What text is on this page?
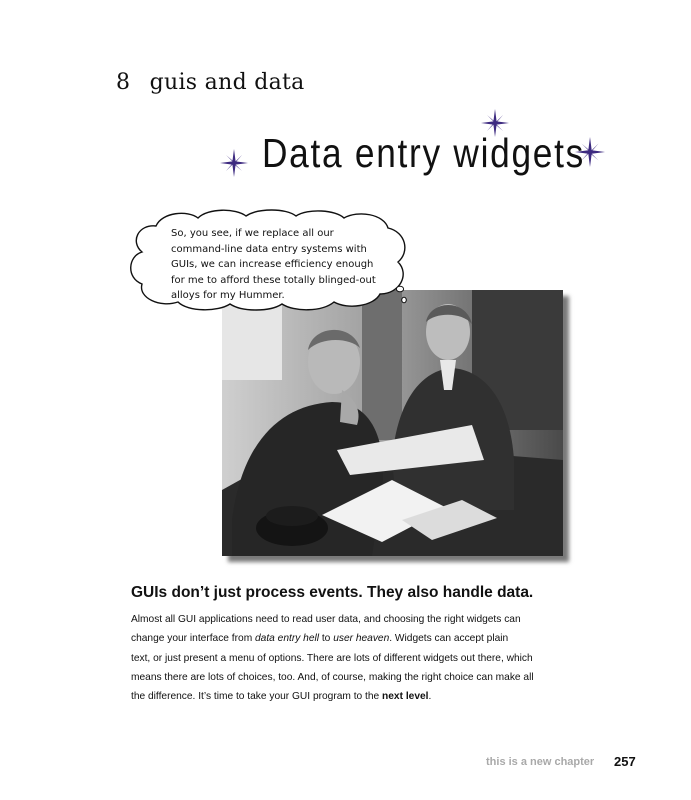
8 guis and data
Data entry widgets
So, you see, if we replace all our
command-line data entry systems with
GUIs, we can increase efficiency enough
for me to afford these totally blinged-out
alloys for my Hummer.
GUIs don’t just process events. They also handle data.
Almost all GUI applications need to read user data, and choosing the right widgets can
change your interface from data entry hell to user heaven. Widgets can accept plain
text, or just present a menu of options. There are lots of different widgets out there, which
means there are lots of choices, too. And, of course, making the right choice can make all
the difference. It’s time to take your GUI program to the next level.
this is a new chapter 257
